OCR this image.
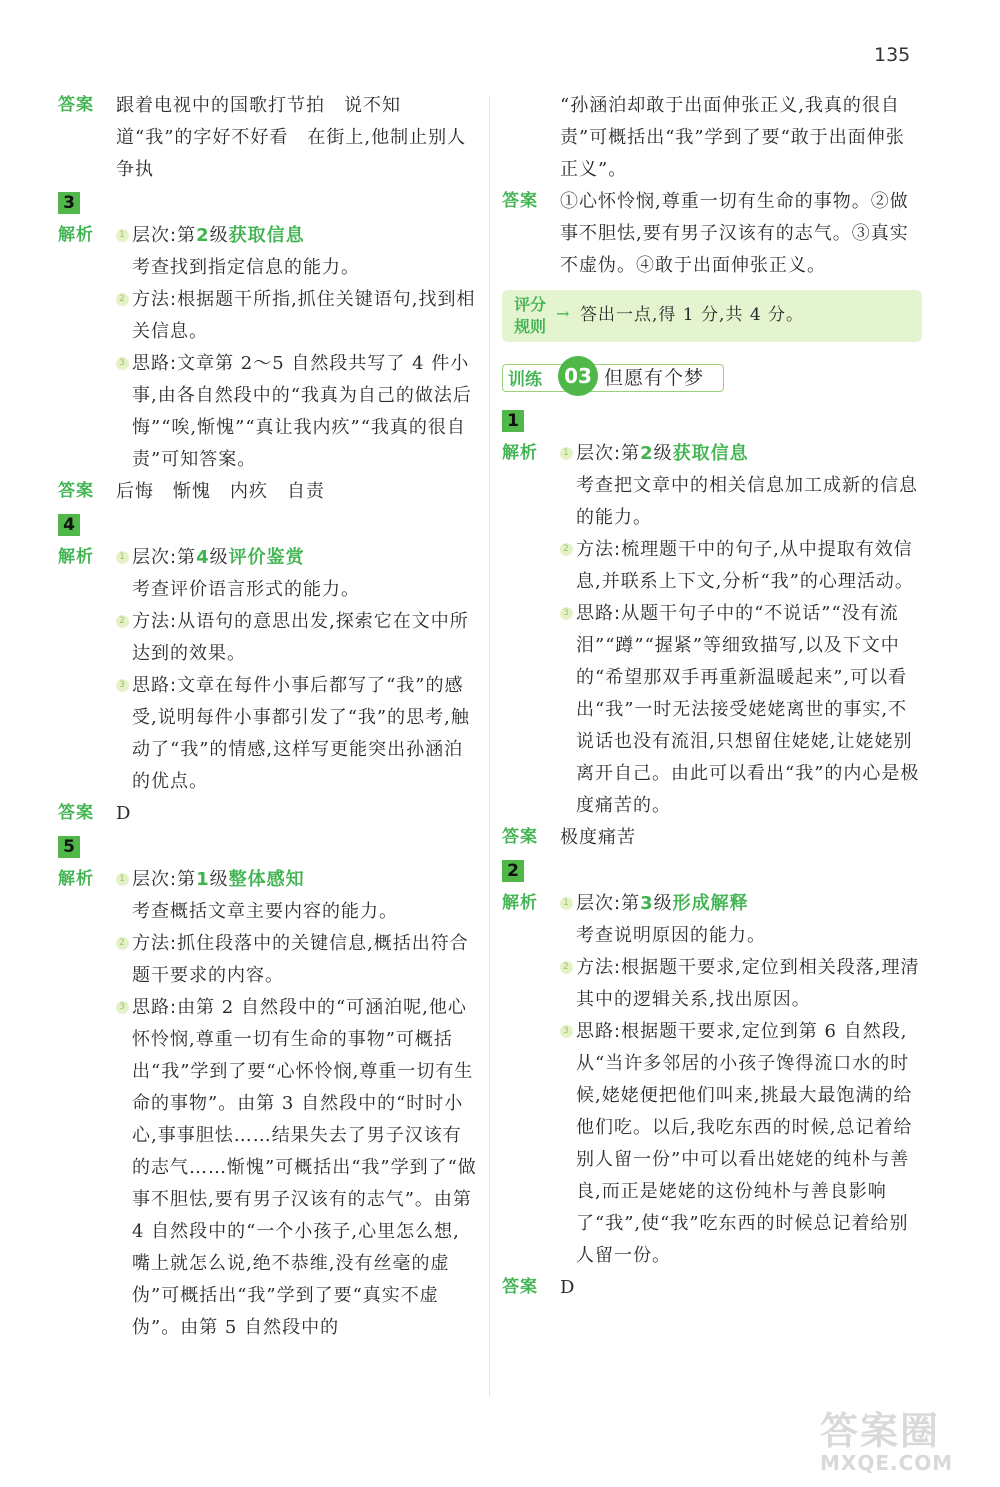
135
答案 跟着电视中的国歌打节拍　说不知道“我”的字好不好看　在街上,他制止别人争执

3
解析	1 层次:第2级获取信息

考查找到指定信息的能力。

2 方法:根据题干所指,抓住关键语句,找到相关信息。
3 思路:文章第 2～5 自然段共写了 4 件小事,由各自然段中的“我真为自己的做法后悔”“唉,惭愧”“真让我内疚”“我真的很自责”可知答案。
答案 后悔　惭愧　内疚　自责

4
解析	1 层次:第4级评价鉴赏

考查评价语言形式的能力。

2 方法:从语句的意思出发,探索它在文中所达到的效果。
3 思路:文章在每件小事后都写了“我”的感受,说明每件小事都引发了“我”的思考,触动了“我”的情感,这样写更能突出孙涵泊的优点。
答案 D

5
解析	1 层次:第1级整体感知

考查概括文章主要内容的能力。

2 方法:抓住段落中的关键信息,概括出符合题干要求的内容。
3 思路:由第 2 自然段中的“可涵泊呢,他心怀怜悯,尊重一切有生命的事物”可概括出“我”学到了要“心怀怜悯,尊重一切有生命的事物”。由第 3 自然段中的“时时小心,事事胆怯……结果失去了男子汉该有的志气……惭愧”可概括出“我”学到了“做事不胆怯,要有男子汉该有的志气”。由第4 自然段中的“一个小孩子,心里怎么想,嘴上就怎么说,绝不恭维,没有丝毫的虚伪”可概括出“我”学到了要“真实不虚伪”。由第 5 自然段中的

“孙涵泊却敢于出面伸张正义,我真的很自责”可概括出“我”学到了要“敢于出面伸张正义”。

答案 ①心怀怜悯,尊重一切有生命的事物。②做事不胆怯,要有男子汉该有的志气。③真实不虚伪。④敢于出面伸张正义。

评分
规则
→ 答出一点,得 1 分,共 4 分。
训练	03 但愿有个梦
1
解析	1 层次:第2级获取信息

考查把文章中的相关信息加工成新的信息的能力。

2 方法:梳理题干中的句子,从中提取有效信息,并联系上下文,分析“我”的心理活动。
3 思路:从题干句子中的“不说话”“没有流泪”“蹲”“握紧”等细致描写,以及下文中的“希望那双手再重新温暖起来”,可以看出“我”一时无法接受姥姥离世的事实,不说话也没有流泪,只想留住姥姥,让姥姥别离开自己。由此可以看出“我”的内心是极度痛苦的。
答案 极度痛苦

2
解析	1 层次:第3级形成解释

考查说明原因的能力。

2 方法:根据题干要求,定位到相关段落,理清其中的逻辑关系,找出原因。
3 思路:根据题干要求,定位到第 6 自然段,从“当许多邻居的小孩子馋得流口水的时候,姥姥便把他们叫来,挑最大最饱满的给他们吃。以后,我吃东西的时候,总记着给别人留一份”中可以看出姥姥的纯朴与善良,而正是姥姥的这份纯朴与善良影响了“我”,使“我”吃东西的时候总记着给别人留一份。
答案 D

答案圈
MXQE.COM
